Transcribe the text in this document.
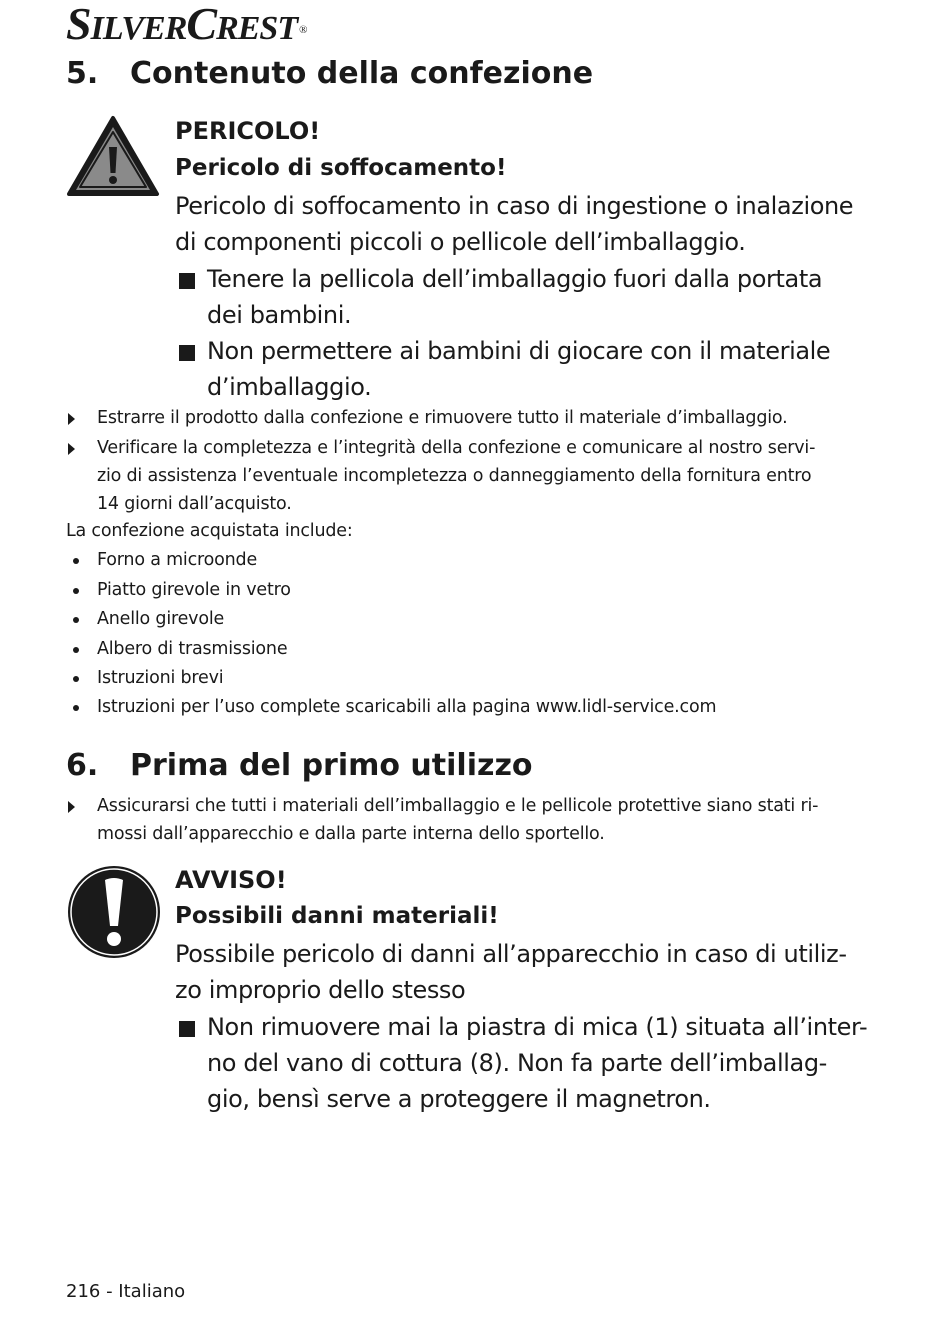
SILVERCREST ®
5. Contenuto della confezione
PERICOLO!
Pericolo di soffocamento!
Pericolo di soffocamento in caso di ingestione o inalazione
di componenti piccoli o pellicole dell’imballaggio.
Tenere la pellicola dell’imballaggio fuori dalla portata
dei bambini.
Non permettere ai bambini di giocare con il materiale
d’imballaggio.
Estrarre il prodotto dalla confezione e rimuovere tutto il materiale d’imballaggio.
Verificare la completezza e l’integrità della confezione e comunicare al nostro servi-
zio di assistenza l’eventuale incompletezza o danneggiamento della fornitura entro
14 giorni dall’acquisto.
La confezione acquistata include:
Forno a microonde
Piatto girevole in vetro
Anello girevole
Albero di trasmissione
Istruzioni brevi
Istruzioni per l’uso complete scaricabili alla pagina www.lidl-service.com
6. Prima del primo utilizzo
Assicurarsi che tutti i materiali dell’imballaggio e le pellicole protettive siano stati ri-
mossi dall’apparecchio e dalla parte interna dello sportello.
AVVISO!
Possibili danni materiali!
Possibile pericolo di danni all’apparecchio in caso di utiliz-
zo improprio dello stesso
Non rimuovere mai la piastra di mica (1) situata all’inter-
no del vano di cottura (8). Non fa parte dell’imballag-
gio, bensì serve a proteggere il magnetron.
216 - Italiano
